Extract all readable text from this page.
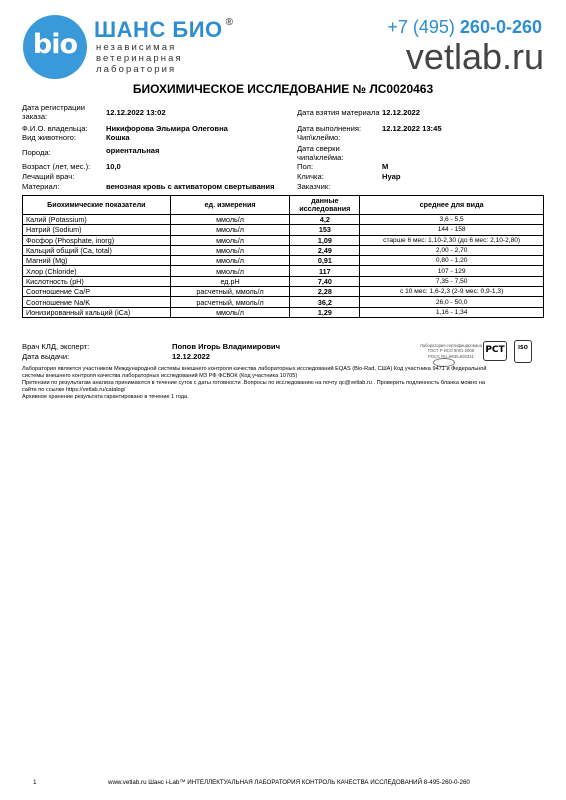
bio ШАНС БИО ®
независимая
ветеринарная
лаборатория
+7 (495) 260-0-260
vetlab.ru
БИОХИМИЧЕСКОЕ ИССЛЕДОВАНИЕ № ЛС0020463
Дата регистрации
заказа:	12.12.2022 13:02
Ф.И.О. владельца: Никифорова Эльмира Олеговна
Вид животного:	Кошка
Порода:	ориентальная
Возраст (лет, мес.): 10,0
Лечащий врач:
Материал:	венозная кровь с активатором свертывания
Дата взятия материала 12.12.2022
Дата выполнения:	12.12.2022 13:45
Чип\клеймо:
Дата сверки
чипа\клейма:
Пол:	М
Кличка:	Нуар
Заказчик:
Биохимические показатели	ед. измерения	данные
исследования	среднее для вида
Калий (Potassium)	ммоль/л	4,2	3,6 - 5,5
Натрий (Sodium)	ммоль/л	153	144 - 158
Фосфор (Phosphate, inorg)	ммоль/л	1,09	старше 6 мес: 1,10-2,30 (до 6 мес: 2,10-2,80)
Кальций общий (Ca, total)	ммоль/л	2,49	2,00 - 2,70
Магний (Mg)	ммоль/л	0,91	0,80 - 1,20
Хлор (Chloride)	ммоль/л	117	107 - 129
Кислотность (pH)	ед.pH	7,40	7,35 - 7,50
Соотношение Ca/P	расчетный, ммоль/л	2,28	с 10 мес: 1,6-2,3 (2-9 мес: 0,9-1,3)
Соотношение Na/K	расчетный, ммоль/л	36,2	26,0 - 50,0
Ионизированный кальций (iCa)	ммоль/л	1,29	1,16 - 1,34
Врач КЛД, эксперт:	Попов Игорь Владимирович
Дата выдачи:	12.12.2022
Лаборатория сертифицирована
ГОСТ Р ИСО 9001-2008
РОСС RU.ИК35.К00331
PCT	ISO
Лаборатория является участником Международной системы внешнего контроля качества лабораторных исследований EQAS (Bio-Rad, США) Код участника 9471 и Федеральной
системы внешнего контроля качества лабораторных исследований МЗ РФ ФСВОК (Код участника 10705)
Претензии по результатам анализа принимаются в течение суток с даты готовности .Вопросы по исследованию на почту qc@vetlab.ru . Проверить подлинность бланка можно на
сайте по ссылке https://vetlab.ru/catalog/
Архивное хранение результата гарантировано в течение 1 года.
1	www.vetlab.ru Шанс i-Lab™ ИНТЕЛЛЕКТУАЛЬНАЯ ЛАБОРАТОРИЯ КОНТРОЛЬ КАЧЕСТВА ИССЛЕДОВАНИЙ 8-495-260-0-260
